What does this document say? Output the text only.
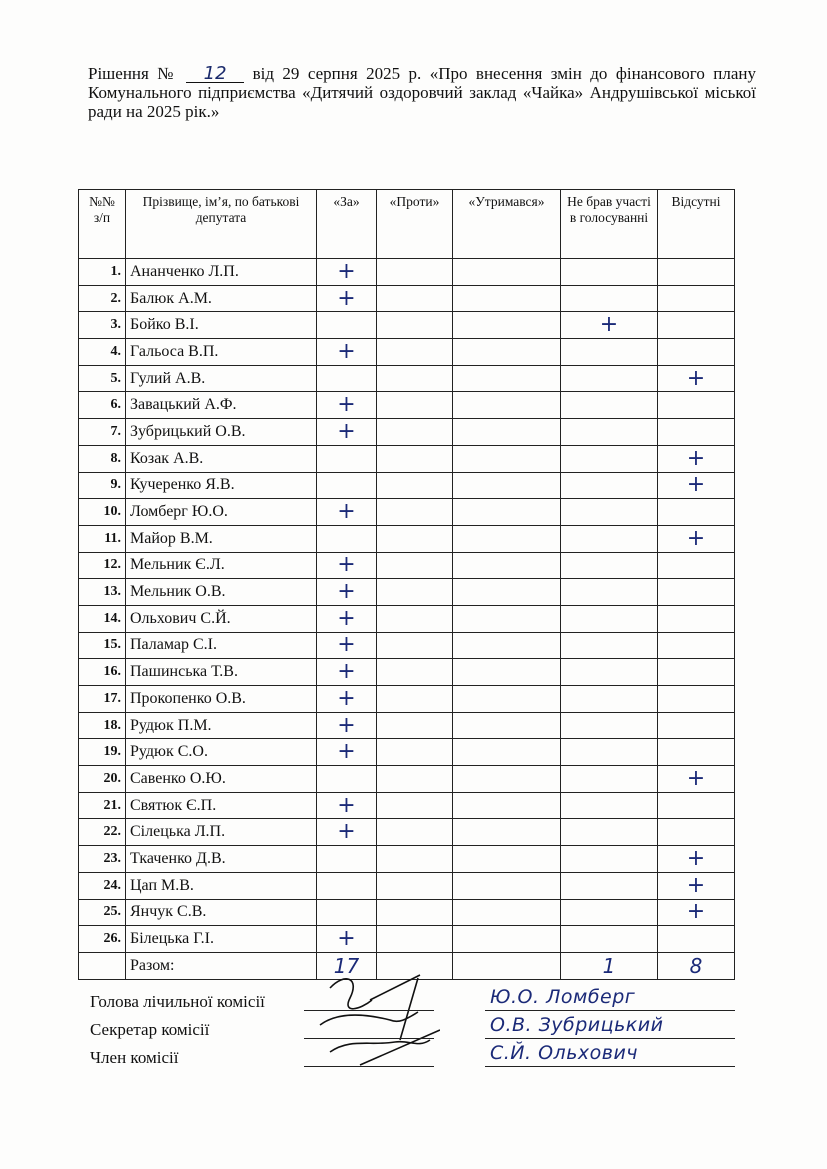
Рішення № 12 від 29 серпня 2025 р. «Про внесення змін до фінансового плану Комунального підприємства «Дитячий оздоровчий заклад «Чайка» Андрушівської міської ради на 2025 рік.»
№№ з/п	Прізвище, ім’я, по батькові депутата	«За»	«Проти»	«Утримався»	Не брав участі в голосуванні	Відсутні
1.	Ананченко Л.П.	+				
2.	Балюк А.М.	+				
3.	Бойко В.І.				+	
4.	Гальоса В.П.	+				
5.	Гулий А.В.					+
6.	Завацький А.Ф.	+				
7.	Зубрицький О.В.	+				
8.	Козак А.В.					+
9.	Кучеренко Я.В.					+
10.	Ломберг Ю.О.	+				
11.	Майор В.М.					+
12.	Мельник Є.Л.	+				
13.	Мельник О.В.	+				
14.	Ольхович С.Й.	+				
15.	Паламар С.І.	+				
16.	Пашинська Т.В.	+				
17.	Прокопенко О.В.	+				
18.	Рудюк П.М.	+				
19.	Рудюк С.О.	+				
20.	Савенко О.Ю.					+
21.	Святюк Є.П.	+				
22.	Сілецька Л.П.	+				
23.	Ткаченко Д.В.					+
24.	Цап М.В.					+
25.	Янчук С.В.					+
26.	Білецька Г.І.	+				
	Разом:	17			1	8
Голова лічильної комісії	Ю.О. Ломберг
Секретар комісії	О.В. Зубрицький
Член комісії	С.Й. Ольхович
